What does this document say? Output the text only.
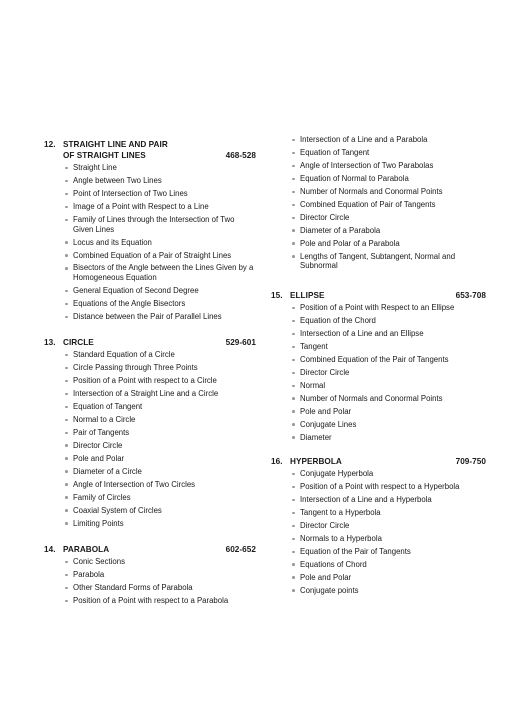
12. STRAIGHT LINE AND PAIR
OF STRAIGHT LINES	468-528
Straight Line
Angle between Two Lines
Point of Intersection of Two Lines
Image of a Point with Respect to a Line
Family of Lines through the Intersection of Two Given Lines
Locus and its Equation
Combined Equation of a Pair of Straight Lines
Bisectors of the Angle between the Lines Given by a Homogeneous Equation
General Equation of Second Degree
Equations of the Angle Bisectors
Distance between the Pair of Parallel Lines
13. CIRCLE	529-601
Standard Equation of a Circle
Circle Passing through Three Points
Position of a Point with respect to a Circle
Intersection of a Straight Line and a Circle
Equation of Tangent
Normal to a Circle
Pair of Tangents
Director Circle
Pole and Polar
Diameter of a Circle
Angle of Intersection of Two Circles
Family of Circles
Coaxial System of Circles
Limiting Points
14. PARABOLA	602-652
Conic Sections
Parabola
Other Standard Forms of Parabola
Position of a Point with respect to a Parabola
Intersection of a Line and a Parabola
Equation of Tangent
Angle of Intersection of Two Parabolas
Equation of Normal to Parabola
Number of Normals and Conormal Points
Combined Equation of Pair of Tangents
Director Circle
Diameter of a Parabola
Pole and Polar of a Parabola
Lengths of Tangent, Subtangent, Normal and Subnormal
15. ELLIPSE	653-708
Position of a Point with Respect to an Ellipse
Equation of the Chord
Intersection of a Line and an Ellipse
Tangent
Combined Equation of the Pair of Tangents
Director Circle
Normal
Number of Normals and Conormal Points
Pole and Polar
Conjugate Lines
Diameter
16. HYPERBOLA	709-750
Conjugate Hyperbola
Position of a Point with respect to a Hyperbola
Intersection of a Line and a Hyperbola
Tangent to a Hyperbola
Director Circle
Normals to a Hyperbola
Equation of the Pair of Tangents
Equations of Chord
Pole and Polar
Conjugate points
